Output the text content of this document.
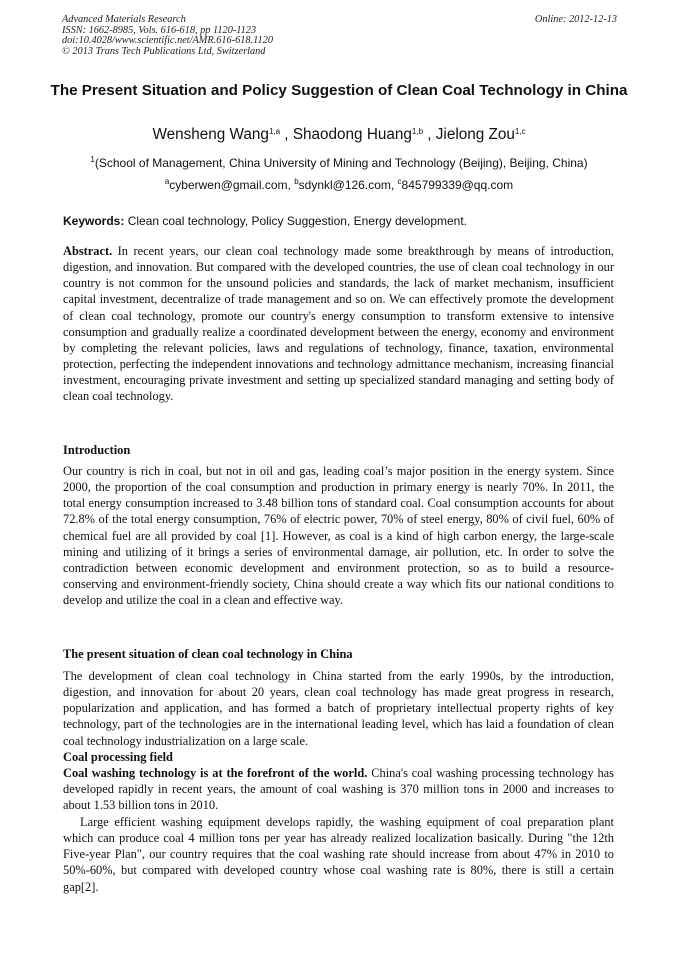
Advanced Materials Research
ISSN: 1662-8985, Vols. 616-618, pp 1120-1123
doi:10.4028/www.scientific.net/AMR.616-618.1120
© 2013 Trans Tech Publications Ltd, Switzerland
Online: 2012-12-13
The Present Situation and Policy Suggestion of Clean Coal Technology in China
Wensheng Wang$^{1,a}$ , Shaodong Huang$^{1,b}$ , Jielong Zou$^{1,c}$
$^1$(School of Management, China University of Mining and Technology (Beijing), Beijing, China)
$^a$cyberwen@gmail.com, $^b$sdynkl@126.com, $^c$845799339@qq.com
Keywords: Clean coal technology, Policy Suggestion, Energy development.
Abstract. In recent years, our clean coal technology made some breakthrough by means of introduction, digestion, and innovation. But compared with the developed countries, the use of clean coal technology in our country is not common for the unsound policies and standards, the lack of market mechanism, insufficient capital investment, decentralize of trade management and so on. We can effectively promote the development of clean coal technology, promote our country's energy consumption to transform extensive to intensive consumption and gradually realize a coordinated development between the energy, economy and environment by completing the relevant policies, laws and regulations of technology, finance, taxation, environmental protection, perfecting the independent innovations and technology admittance mechanism, increasing financial investment, encouraging private investment and setting up specialized standard managing and setting body of clean coal technology.
Introduction
Our country is rich in coal, but not in oil and gas, leading coal’s major position in the energy system. Since 2000, the proportion of the coal consumption and production in primary energy is nearly 70%. In 2011, the total energy consumption increased to 3.48 billion tons of standard coal. Coal consumption accounts for about 72.8% of the total energy consumption, 76% of electric power, 70% of steel energy, 80% of civil fuel, 60% of chemical fuel are all provided by coal [1]. However, as coal is a kind of high carbon energy, the large-scale mining and utilizing of it brings a series of environmental damage, air pollution, etc. In order to solve the contradiction between economic development and environment protection, so as to build a resource-conserving and environment-friendly society, China should create a way which fits our national conditions to develop and utilize the coal in a clean and effective way.
The present situation of clean coal technology in China
The development of clean coal technology in China started from the early 1990s, by the introduction, digestion, and innovation for about 20 years, clean coal technology has made great progress in research, popularization and application, and has formed a batch of proprietary intellectual property rights of key technology, part of the technologies are in the international leading level, which has laid a foundation of clean coal technology industrialization on a large scale.
Coal processing field
Coal washing technology is at the forefront of the world. China's coal washing processing technology has developed rapidly in recent years, the amount of coal washing is 370 million tons in 2000 and increases to about 1.53 billion tons in 2010.
Large efficient washing equipment develops rapidly, the washing equipment of coal preparation plant which can produce coal 4 million tons per year has already realized localization basically. During "the 12th Five-year Plan", our country requires that the coal washing rate should increase from about 47% in 2010 to 50%-60%, but compared with developed country whose coal washing rate is 80%, there is still a certain gap[2].
